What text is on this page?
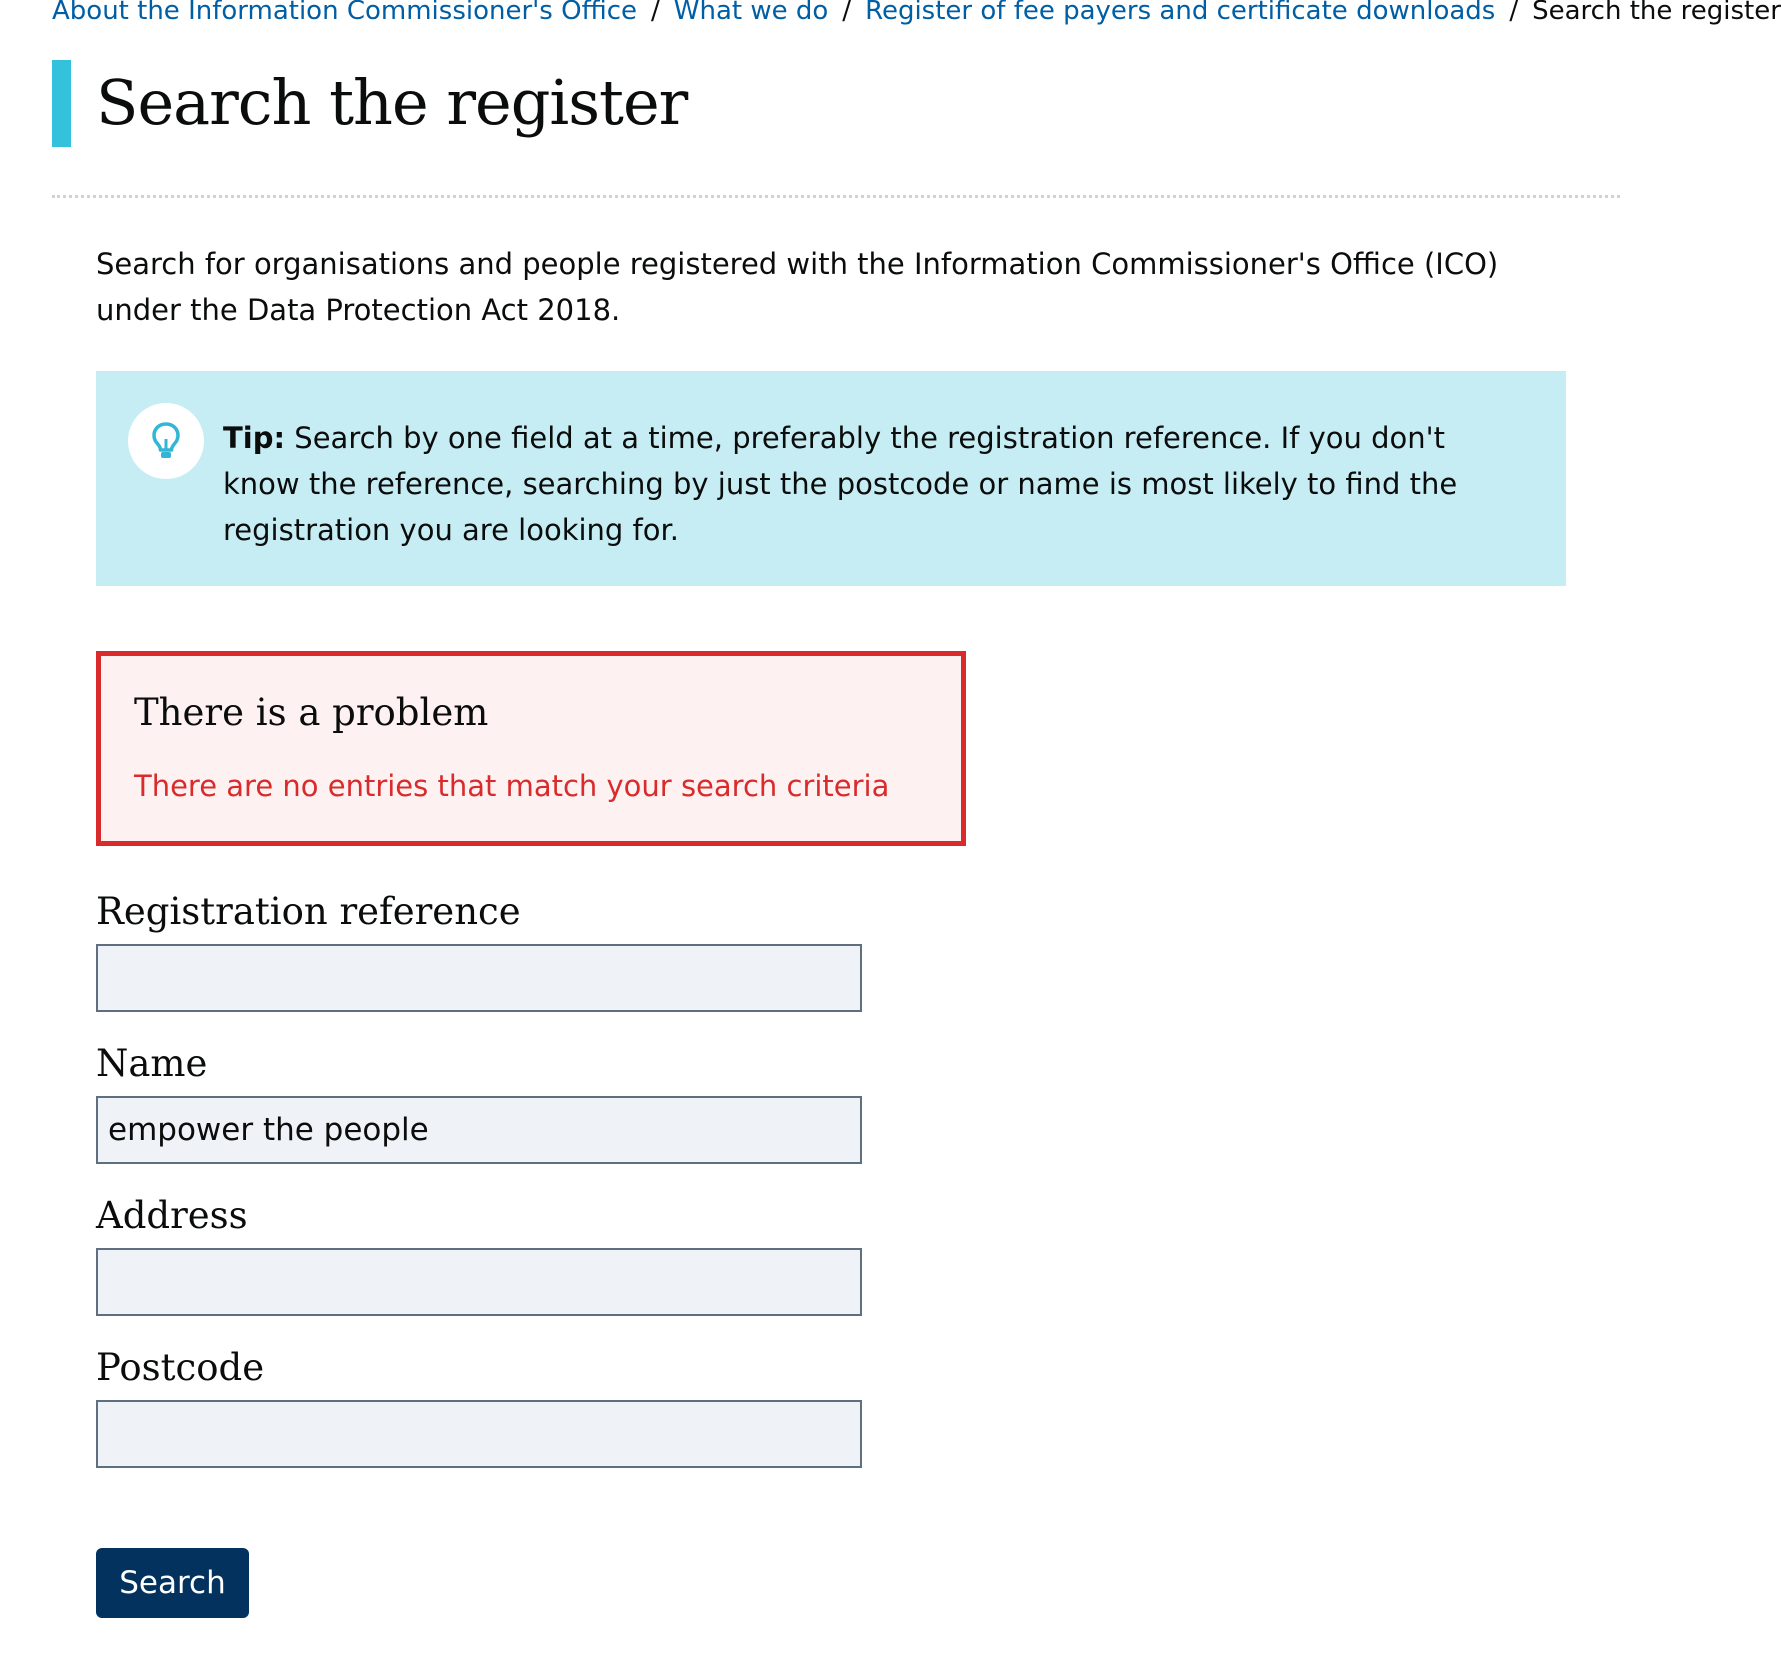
About the Information Commissioner's Office / What we do / Register of fee payers and certificate downloads / Search the register
Search the register

Search for organisations and people registered with the Information Commissioner's Office (ICO) under the Data Protection Act 2018.

Tip: Search by one field at a time, preferably the registration reference. If you don't know the reference, searching by just the postcode or name is most likely to find the registration you are looking for.

There is a problem

There are no entries that match your search criteria

Registration reference
Name
empower the people
Address
Postcode
Search
